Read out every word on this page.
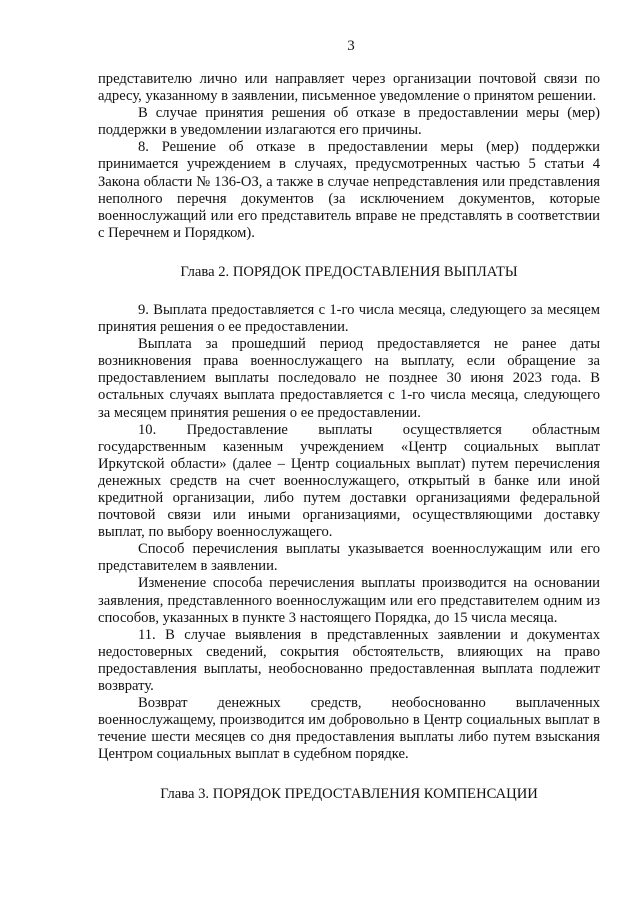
3

представителю лично или направляет через организации почтовой связи по адресу, указанному в заявлении, письменное уведомление о принятом решении.

В случае принятия решения об отказе в предоставлении меры (мер) поддержки в уведомлении излагаются его причины.

8. Решение об отказе в предоставлении меры (мер) поддержки принимается учреждением в случаях, предусмотренных частью 5 статьи 4 Закона области № 136-ОЗ, а также в случае непредставления или представления неполного перечня документов (за исключением документов, которые военнослужащий или его представитель вправе не представлять в соответствии с Перечнем и Порядком).

Глава 2. ПОРЯДОК ПРЕДОСТАВЛЕНИЯ ВЫПЛАТЫ

9. Выплата предоставляется с 1-го числа месяца, следующего за месяцем принятия решения о ее предоставлении.

Выплата за прошедший период предоставляется не ранее даты возникновения права военнослужащего на выплату, если обращение за предоставлением выплаты последовало не позднее 30 июня 2023 года. В остальных случаях выплата предоставляется с 1-го числа месяца, следующего за месяцем принятия решения о ее предоставлении.

10. Предоставление выплаты осуществляется областным государственным казенным учреждением «Центр социальных выплат Иркутской области» (далее – Центр социальных выплат) путем перечисления денежных средств на счет военнослужащего, открытый в банке или иной кредитной организации, либо путем доставки организациями федеральной почтовой связи или иными организациями, осуществляющими доставку выплат, по выбору военнослужащего.

Способ перечисления выплаты указывается военнослужащим или его представителем в заявлении.

Изменение способа перечисления выплаты производится на основании заявления, представленного военнослужащим или его представителем одним из способов, указанных в пункте 3 настоящего Порядка, до 15 числа месяца.

11. В случае выявления в представленных заявлении и документах недостоверных сведений, сокрытия обстоятельств, влияющих на право предоставления выплаты, необоснованно предоставленная выплата подлежит возврату.

Возврат денежных средств, необоснованно выплаченных военнослужащему, производится им добровольно в Центр социальных выплат в течение шести месяцев со дня предоставления выплаты либо путем взыскания Центром социальных выплат в судебном порядке.

Глава 3. ПОРЯДОК ПРЕДОСТАВЛЕНИЯ КОМПЕНСАЦИИ
